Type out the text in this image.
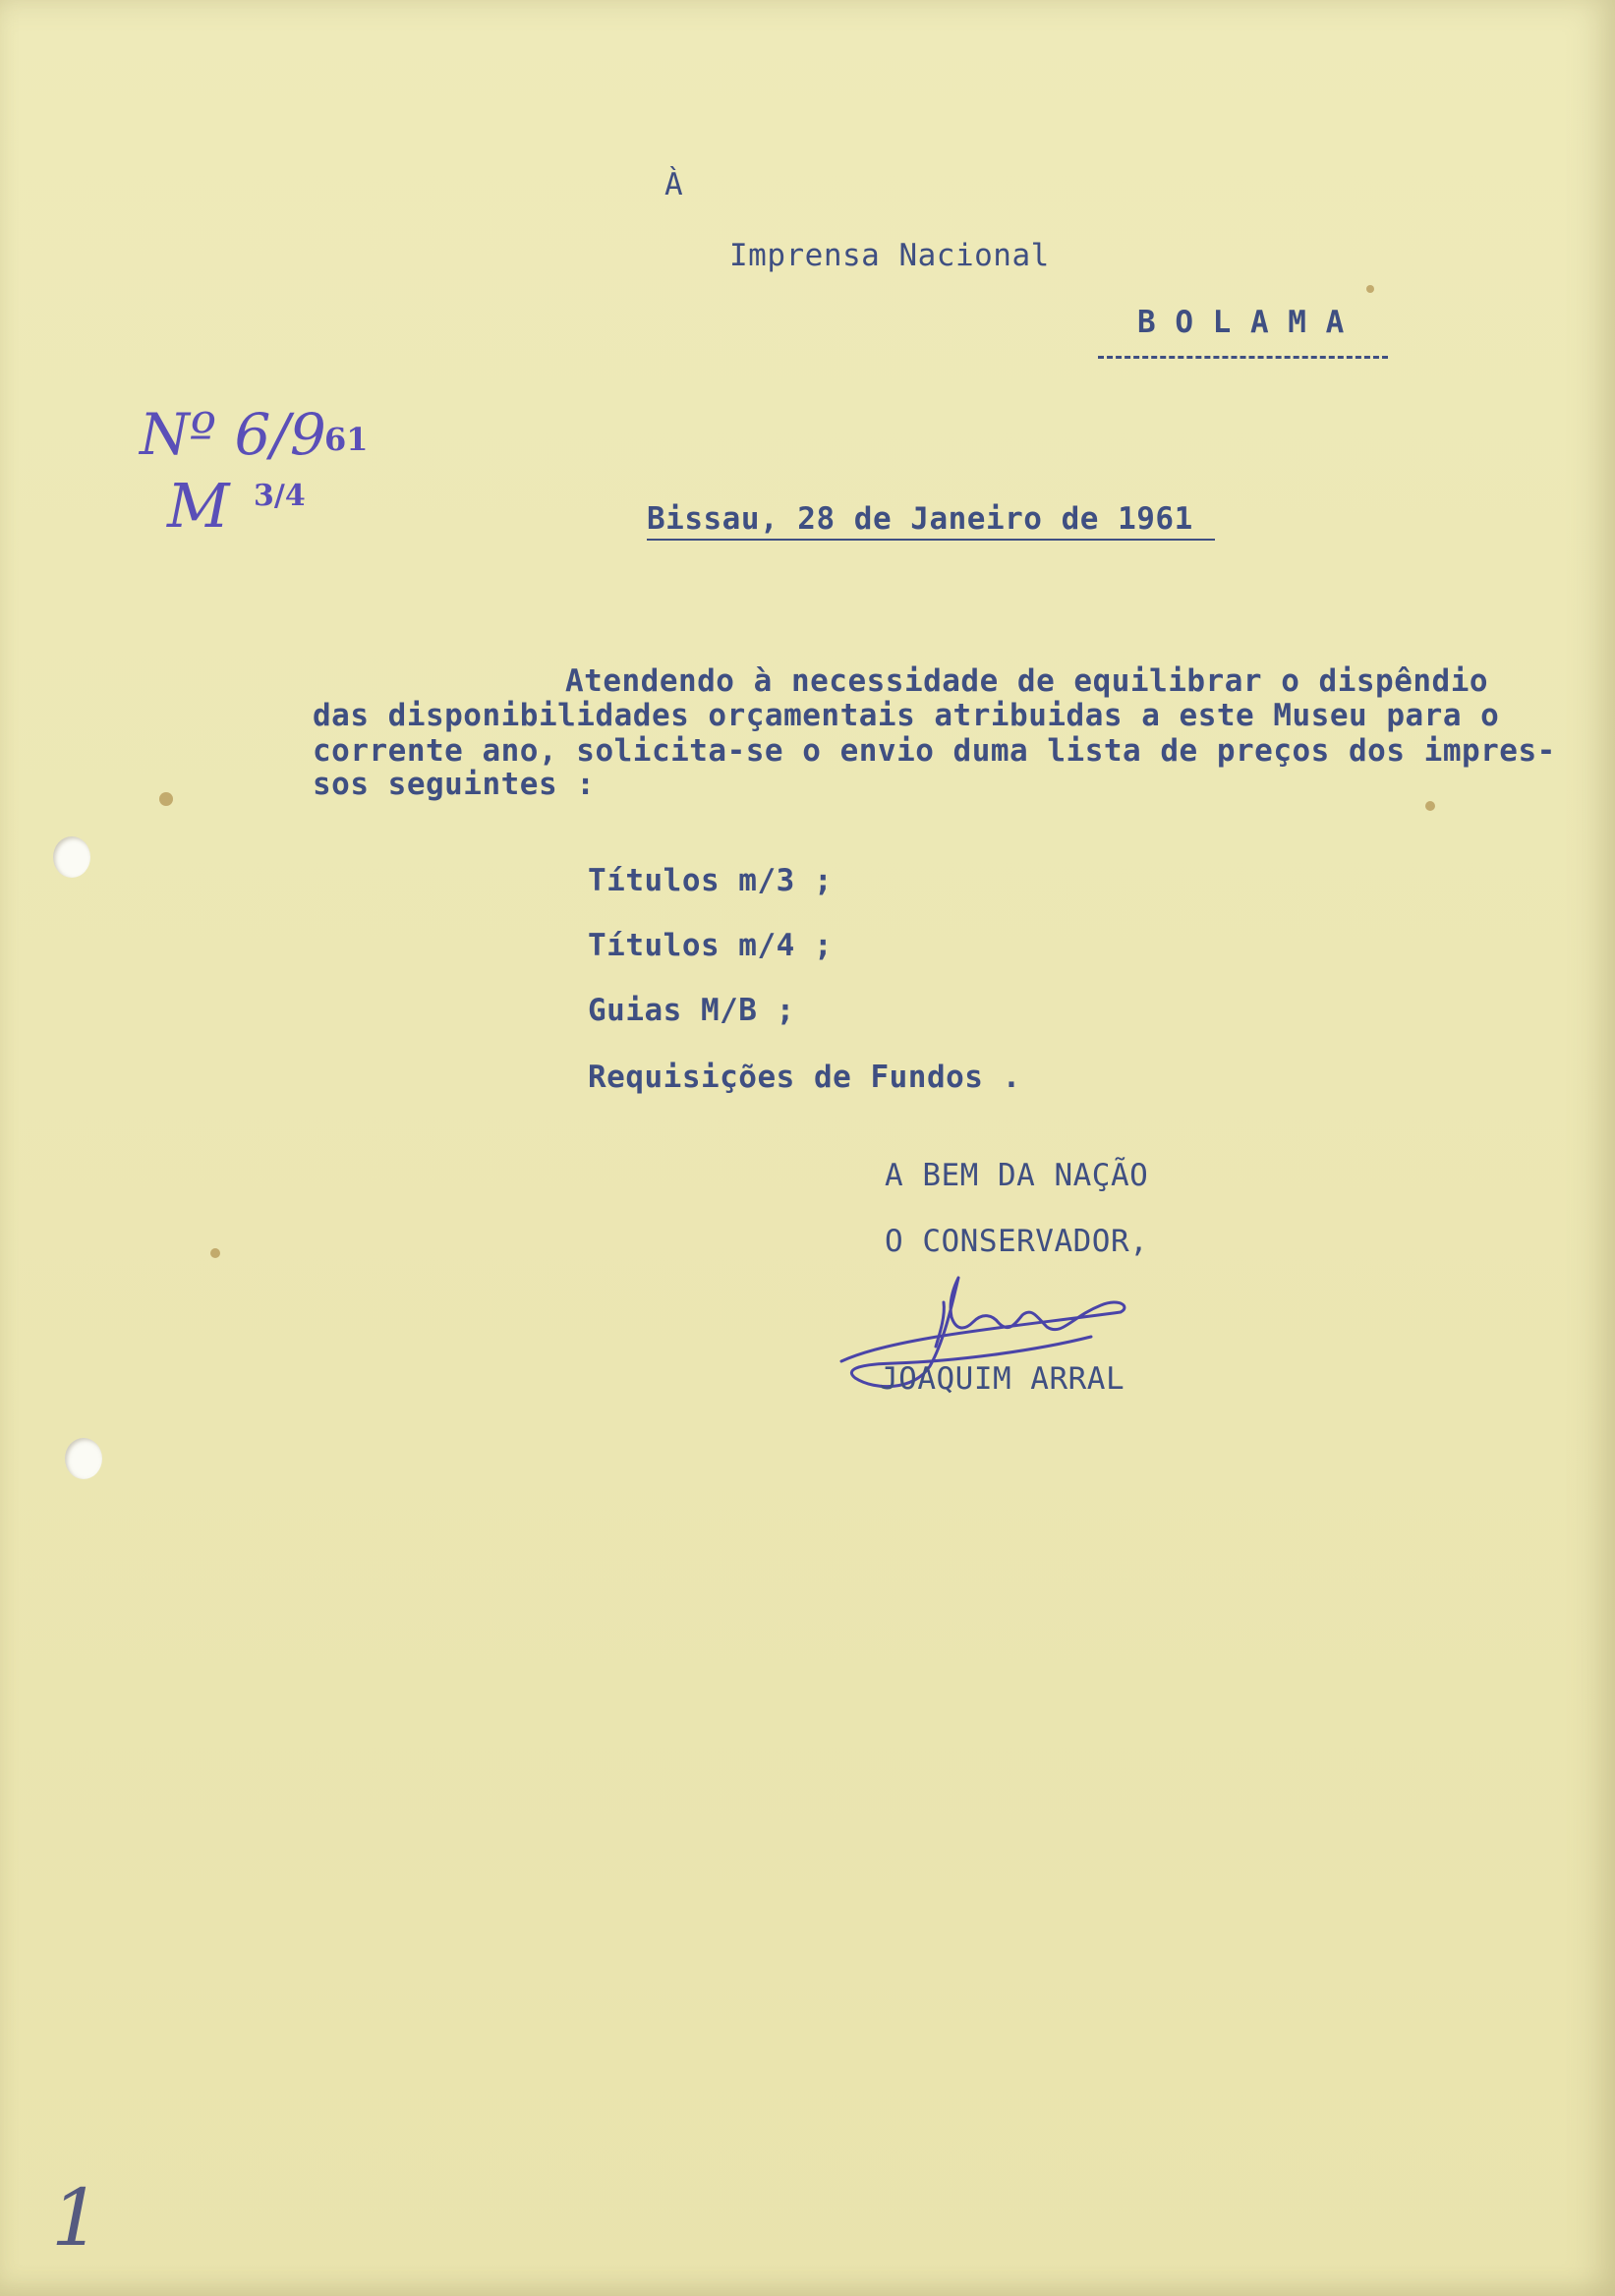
À
Imprensa Nacional
B O L A M A
Nº 6/9
61
M 3/4
Bissau, 28 de Janeiro de 1961
Atendendo à necessidade de equilibrar o dispêndio
das disponibilidades orçamentais atribuidas a este Museu para o
corrente ano, solicita-se o envio duma lista de preços dos impres-
sos seguintes :
Títulos m/3 ;
Títulos m/4 ;
Guias M/B ;
Requisições de Fundos .
A BEM DA NAÇÃO
O CONSERVADOR,
JOAQUIM ARRAL
1
